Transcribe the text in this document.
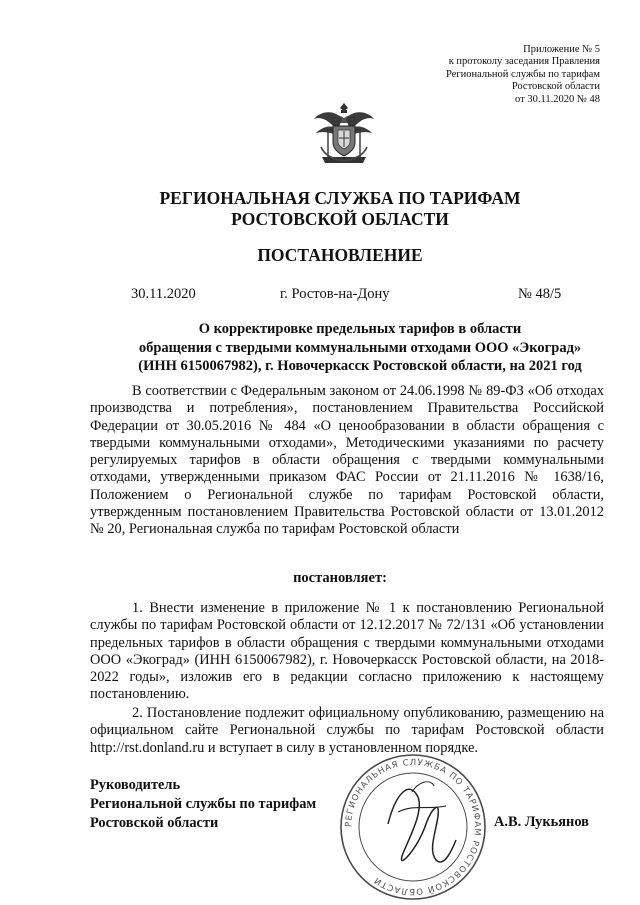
Приложение № 5
к протоколу заседания Правления
Региональной службы по тарифам
Ростовской области
от 30.11.2020 № 48
РЕГИОНАЛЬНАЯ СЛУЖБА ПО ТАРИФАМ
РОСТОВСКОЙ ОБЛАСТИ
ПОСТАНОВЛЕНИЕ
30.11.2020	г. Ростов-на-Дону	№ 48/5
О корректировке предельных тарифов в области
обращения с твердыми коммунальными отходами ООО «Экоград»
(ИНН 6150067982), г. Новочеркасск Ростовской области, на 2021 год
В соответствии с Федеральным законом от 24.06.1998 № 89-ФЗ «Об отходах производства и потребления», постановлением Правительства Российской Федерации от 30.05.2016 № 484 «О ценообразовании в области обращения с твердыми коммунальными отходами», Методическими указаниями по расчету регулируемых тарифов в области обращения с твердыми коммунальными отходами, утвержденными приказом ФАС России от 21.11.2016 № 1638/16, Положением о Региональной службе по тарифам Ростовской области, утвержденным постановлением Правительства Ростовской области от 13.01.2012 № 20, Региональная служба по тарифам Ростовской области
постановляет:
1. Внести изменение в приложение № 1 к постановлению Региональной службы по тарифам Ростовской области от 12.12.2017 № 72/131 «Об установлении предельных тарифов в области обращения с твердыми коммунальными отходами ООО «Экоград» (ИНН 6150067982), г. Новочеркасск Ростовской области, на 2018-2022 годы», изложив его в редакции согласно приложению к настоящему постановлению.
2. Постановление подлежит официальному опубликованию, размещению на официальном сайте Региональной службы по тарифам Ростовской области http://rst.donland.ru и вступает в силу в установленном порядке.
РЕГИОНАЛЬНАЯ СЛУЖБА ПО ТАРИФАМ РОСТОВСКОЙ ОБЛАСТИ
Руководитель
Региональной службы по тарифам
Ростовской области	А.В. Лукьянов
